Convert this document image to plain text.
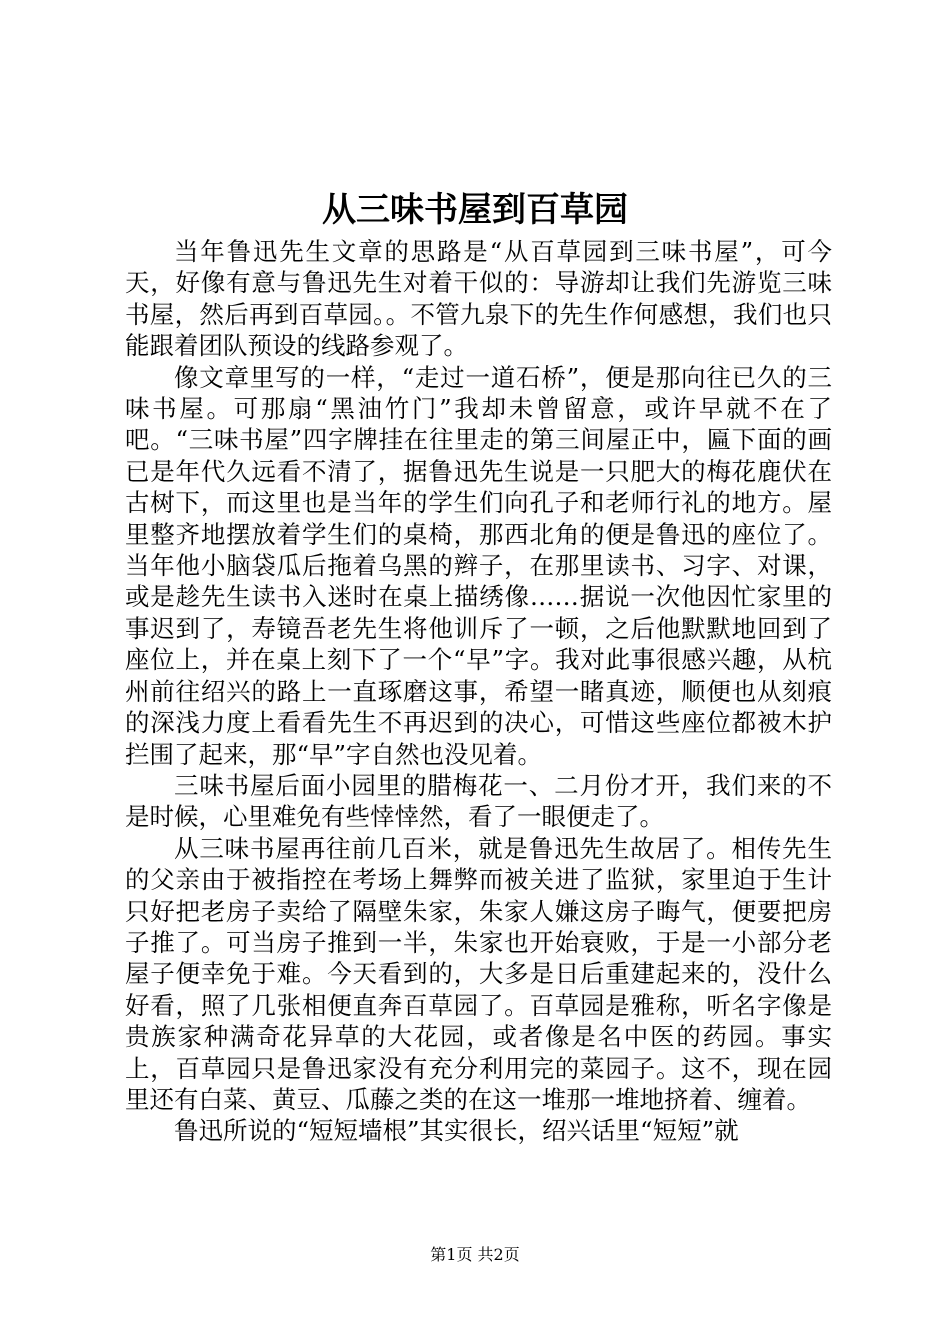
从三味书屋到百草园

当年鲁迅先生文章的思路是“从百草园到三味书屋”，可今天，好像有意与鲁迅先生对着干似的：导游却让我们先游览三味书屋，然后再到百草园。。不管九泉下的先生作何感想，我们也只能跟着团队预设的线路参观了。

像文章里写的一样，“走过一道石桥”，便是那向往已久的三味书屋。可那扇“黑油竹门”我却未曾留意，或许早就不在了吧。“三味书屋”四字牌挂在往里走的第三间屋正中，匾下面的画已是年代久远看不清了，据鲁迅先生说是一只肥大的梅花鹿伏在古树下，而这里也是当年的学生们向孔子和老师行礼的地方。屋里整齐地摆放着学生们的桌椅，那西北角的便是鲁迅的座位了。当年他小脑袋瓜后拖着乌黑的辫子，在那里读书、习字、对课，或是趁先生读书入迷时在桌上描绣像……据说一次他因忙家里的事迟到了，寿镜吾老先生将他训斥了一顿，之后他默默地回到了座位上，并在桌上刻下了一个“早”字。我对此事很感兴趣，从杭州前往绍兴的路上一直琢磨这事，希望一睹真迹，顺便也从刻痕的深浅力度上看看先生不再迟到的决心，可惜这些座位都被木护拦围了起来，那“早”字自然也没见着。

三味书屋后面小园里的腊梅花一、二月份才开，我们来的不是时候，心里难免有些悻悻然，看了一眼便走了。

从三味书屋再往前几百米，就是鲁迅先生故居了。相传先生的父亲由于被指控在考场上舞弊而被关进了监狱，家里迫于生计只好把老房子卖给了隔壁朱家，朱家人嫌这房子晦气，便要把房子推了。可当房子推到一半，朱家也开始衰败，于是一小部分老屋子便幸免于难。今天看到的，大多是日后重建起来的，没什么好看，照了几张相便直奔百草园了。百草园是雅称，听名字像是贵族家种满奇花异草的大花园，或者像是名中医的药园。事实上，百草园只是鲁迅家没有充分利用完的菜园子。这不，现在园里还有白菜、黄豆、瓜藤之类的在这一堆那一堆地挤着、缠着。

鲁迅所说的“短短墙根”其实很长，绍兴话里“短短”就

第1页 共2页
